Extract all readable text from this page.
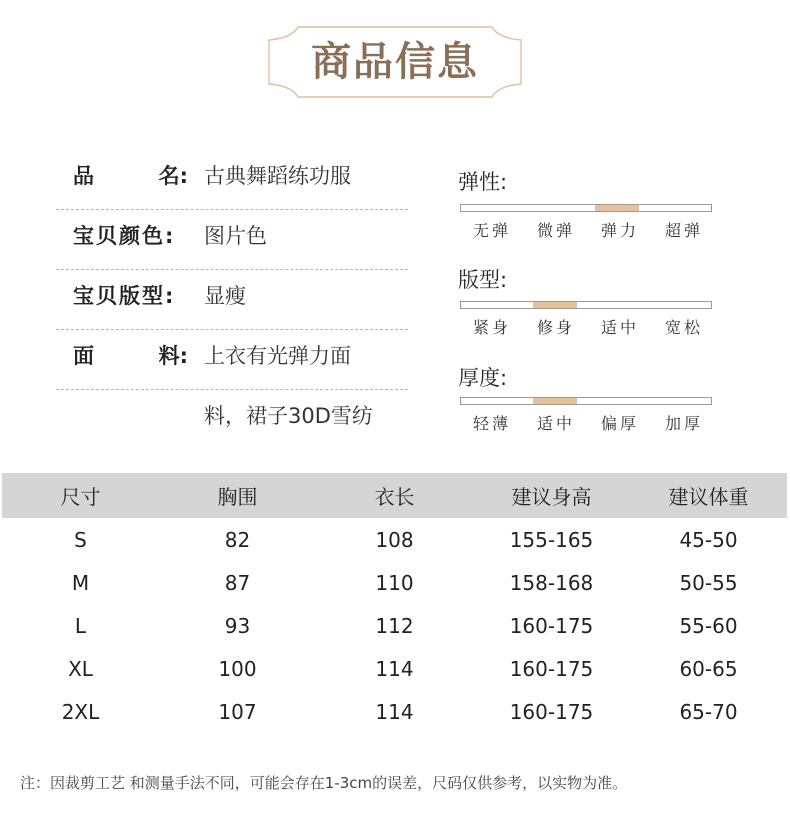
商品信息
品	名: 古典舞蹈练功服
宝贝颜色:	图片色
宝贝版型:	显瘦
面	料: 上衣有光弹力面
料，裙子30D雪纺
弹性:
无弹	微弹	弹力	超弹
版型:
紧身	修身	适中	宽松
厚度:
轻薄	适中	偏厚	加厚
尺寸	胸围	衣长	建议身高	建议体重
S	82	108	155-165	45-50
M	87	110	158-168	50-55
L	93	112	160-175	55-60
XL	100	114	160-175	60-65
2XL	107	114	160-175	65-70
注：因裁剪工艺 和测量手法不同，可能会存在1-3cm的误差，尺码仅供参考，以实物为准。
